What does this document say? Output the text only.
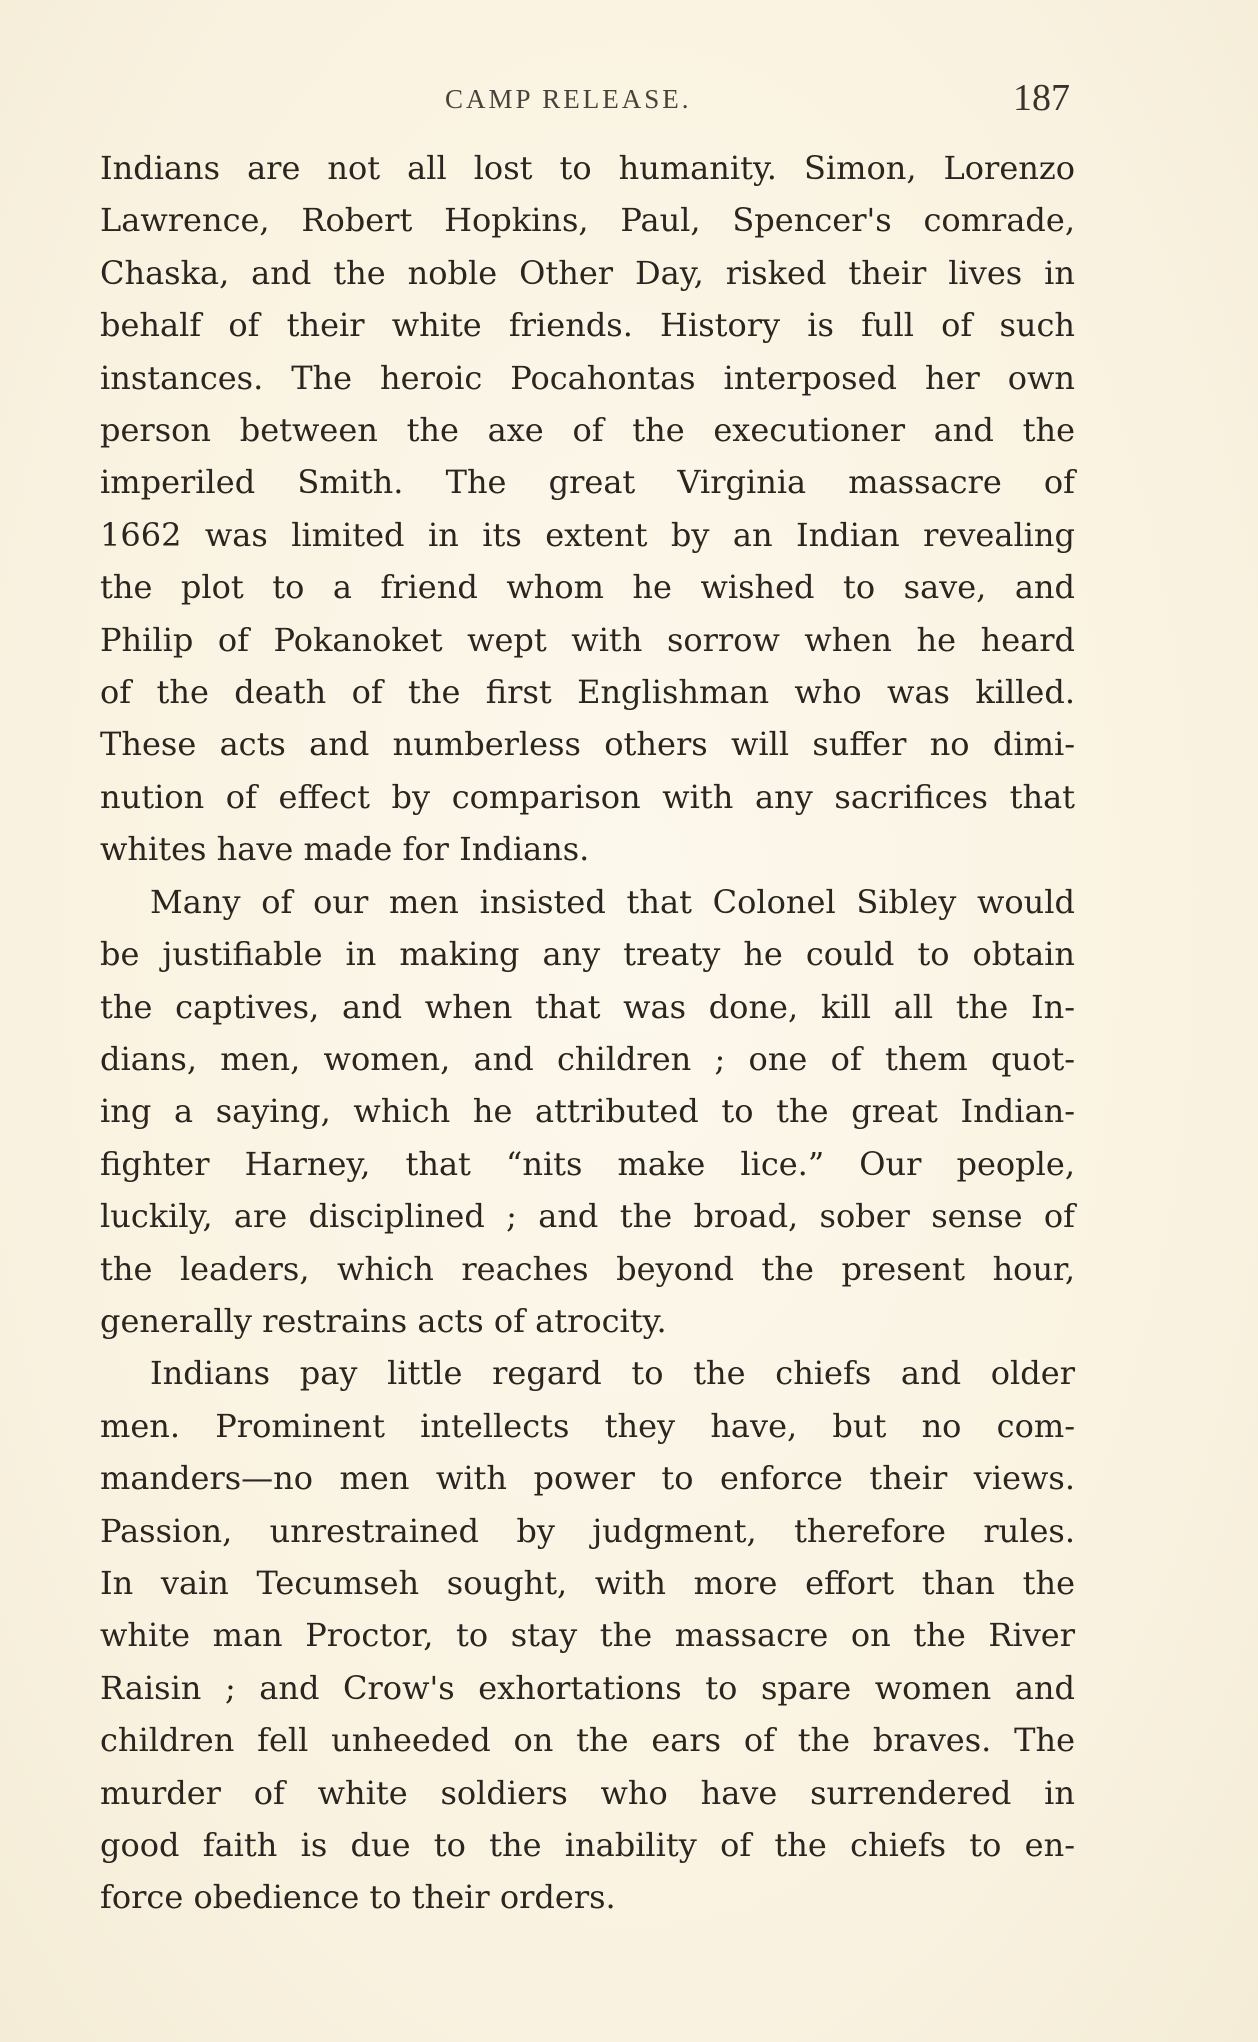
CAMP RELEASE.	187

Indians are not all lost to humanity. Simon, Lorenzo
Lawrence, Robert Hopkins, Paul, Spencer's comrade,
Chaska, and the noble Other Day, risked their lives in
behalf of their white friends. History is full of such
instances. The heroic Pocahontas interposed her own
person between the axe of the executioner and the
imperiled Smith. The great Virginia massacre of
1662 was limited in its extent by an Indian revealing
the plot to a friend whom he wished to save, and
Philip of Pokanoket wept with sorrow when he heard
of the death of the first Englishman who was killed.
These acts and numberless others will suffer no dimi-
nution of effect by comparison with any sacrifices that
whites have made for Indians.

Many of our men insisted that Colonel Sibley would
be justifiable in making any treaty he could to obtain
the captives, and when that was done, kill all the In-
dians, men, women, and children ; one of them quot-
ing a saying, which he attributed to the great Indian-
fighter Harney, that “nits make lice.” Our people,
luckily, are disciplined ; and the broad, sober sense of
the leaders, which reaches beyond the present hour,
generally restrains acts of atrocity.

Indians pay little regard to the chiefs and older
men. Prominent intellects they have, but no com-
manders—no men with power to enforce their views.
Passion, unrestrained by judgment, therefore rules.
In vain Tecumseh sought, with more effort than the
white man Proctor, to stay the massacre on the River
Raisin ; and Crow's exhortations to spare women and
children fell unheeded on the ears of the braves. The
murder of white soldiers who have surrendered in
good faith is due to the inability of the chiefs to en-
force obedience to their orders.
